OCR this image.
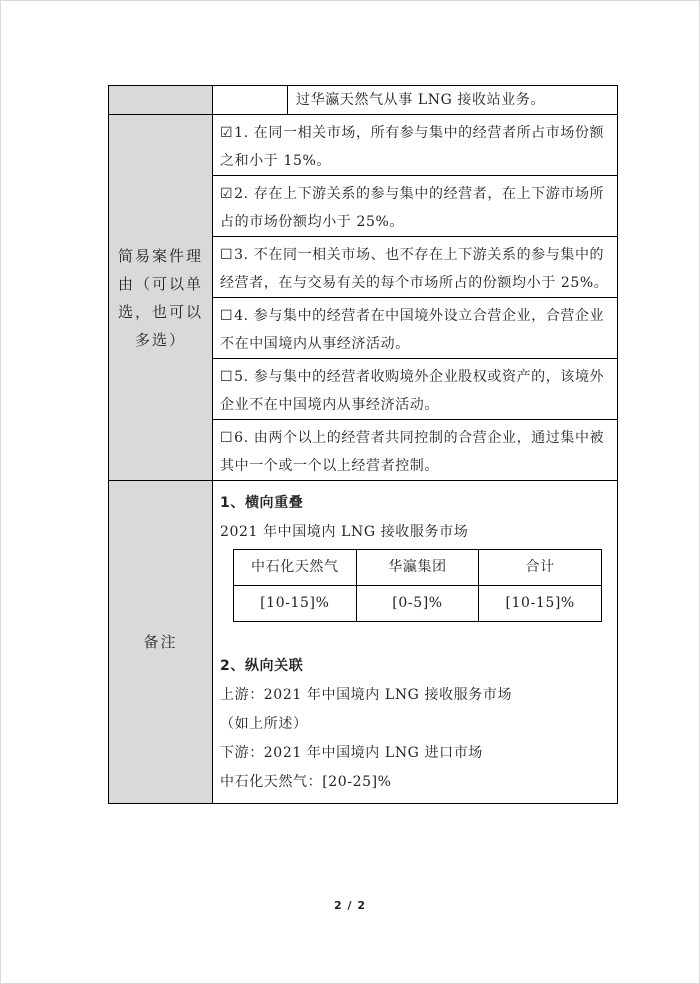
过华瀛天然气从事 LNG 接收站业务。

简易案件理由（可以单选，也可以多选）

☑1. 在同一相关市场，所有参与集中的经营者所占市场份额之和小于 15%。
☑2. 存在上下游关系的参与集中的经营者，在上下游市场所占的市场份额均小于 25%。
☐3. 不在同一相关市场、也不存在上下游关系的参与集中的经营者，在与交易有关的每个市场所占的份额均小于 25%。
☐4. 参与集中的经营者在中国境外设立合营企业，合营企业不在中国境内从事经济活动。
☐5. 参与集中的经营者收购境外企业股权或资产的，该境外企业不在中国境内从事经济活动。
☐6. 由两个以上的经营者共同控制的合营企业，通过集中被其中一个或一个以上经营者控制。

备注	
1、横向重叠
2021 年中国境内 LNG 接收服务市场
中石化天然气	华瀛集团	合计
[10-15]%	[0-5]%	[10-15]%
2、纵向关联
上游：2021 年中国境内 LNG 接收服务市场
（如上所述）
下游：2021 年中国境内 LNG 进口市场
中石化天然气：[20-25]%
2 / 2
